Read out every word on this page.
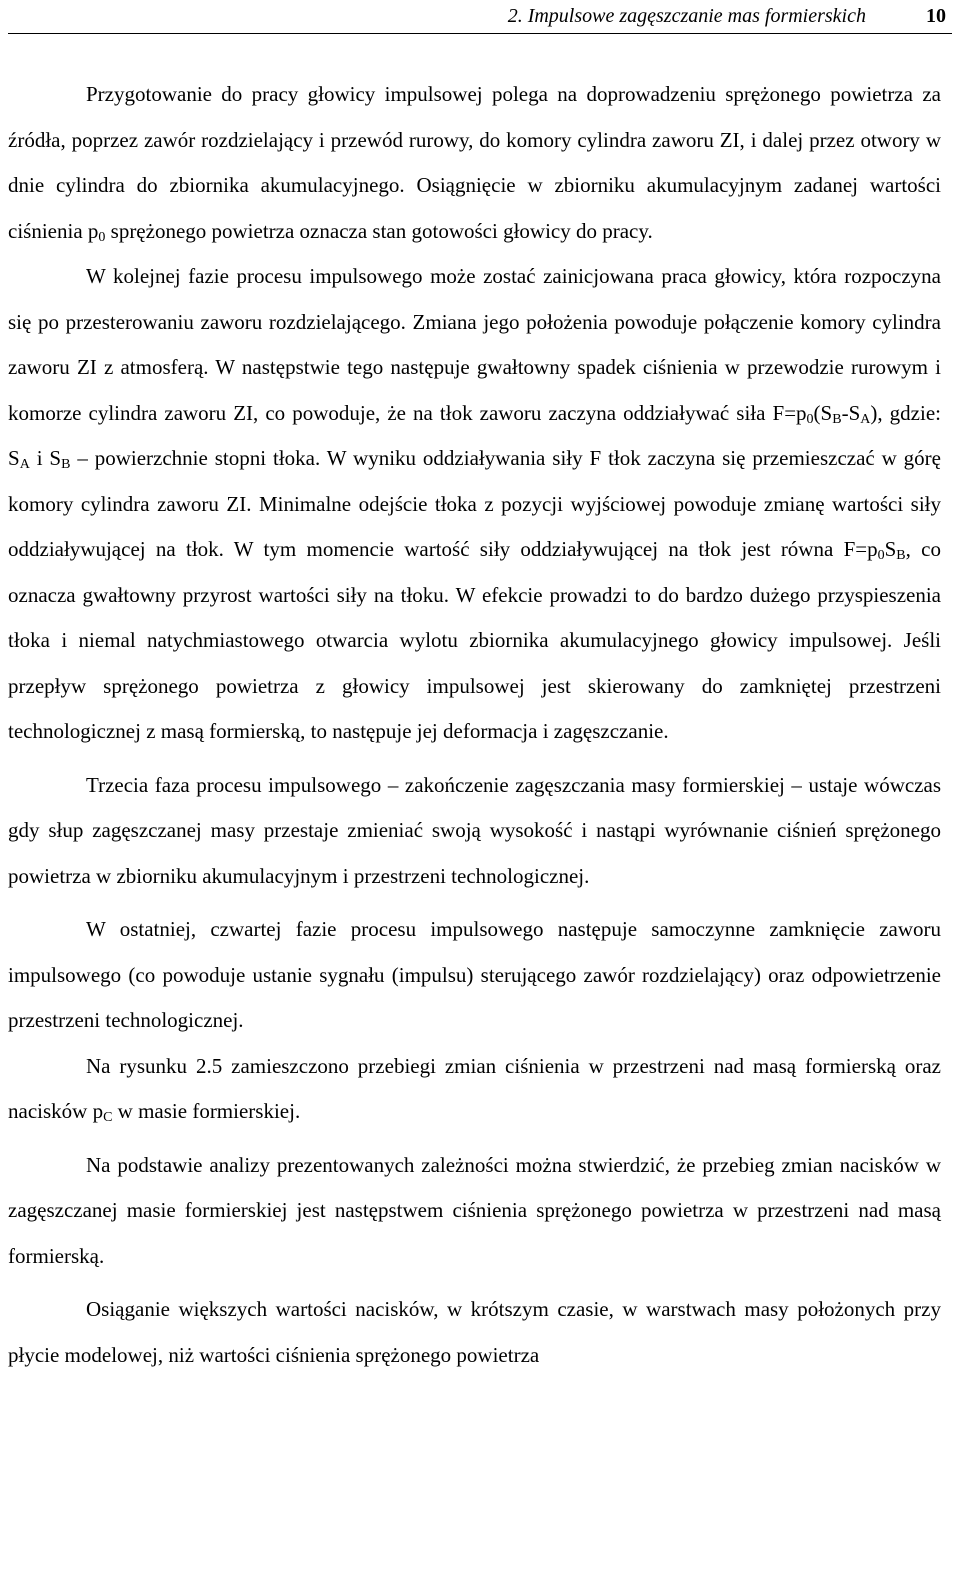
2. Impulsowe zagęszczanie mas formierskich	10

Przygotowanie do pracy głowicy impulsowej polega na doprowadzeniu sprężonego powietrza za źródła, poprzez zawór rozdzielający i przewód rurowy, do komory cylindra zaworu ZI, i dalej przez otwory w dnie cylindra do zbiornika akumulacyjnego. Osiągnięcie w zbiorniku akumulacyjnym zadanej wartości ciśnienia $p_0$ sprężonego powietrza oznacza stan gotowości głowicy do pracy.

W kolejnej fazie procesu impulsowego może zostać zainicjowana praca głowicy, która rozpoczyna się po przesterowaniu zaworu rozdzielającego. Zmiana jego położenia powoduje połączenie komory cylindra zaworu ZI z atmosferą. W następstwie tego następuje gwałtowny spadek ciśnienia w przewodzie rurowym i komorze cylindra zaworu ZI, co powoduje, że na tłok zaworu zaczyna oddziaływać siła $F=p_0(S_B-S_A)$, gdzie: $S_A$ i $S_B$ – powierzchnie stopni tłoka. W wyniku oddziaływania siły F tłok zaczyna się przemieszczać w górę komory cylindra zaworu ZI. Minimalne odejście tłoka z pozycji wyjściowej powoduje zmianę wartości siły oddziaływującej na tłok. W tym momencie wartość siły oddziaływującej na tłok jest równa $F=p_0S_B$, co oznacza gwałtowny przyrost wartości siły na tłoku. W efekcie prowadzi to do bardzo dużego przyspieszenia tłoka i niemal natychmiastowego otwarcia wylotu zbiornika akumulacyjnego głowicy impulsowej. Jeśli przepływ sprężonego powietrza z głowicy impulsowej jest skierowany do zamkniętej przestrzeni technologicznej z masą formierską, to następuje jej deformacja i zagęszczanie.

Trzecia faza procesu impulsowego – zakończenie zagęszczania masy formierskiej – ustaje wówczas gdy słup zagęszczanej masy przestaje zmieniać swoją wysokość i nastąpi wyrównanie ciśnień sprężonego powietrza w zbiorniku akumulacyjnym i przestrzeni technologicznej.

W ostatniej, czwartej fazie procesu impulsowego następuje samoczynne zamknięcie zaworu impulsowego (co powoduje ustanie sygnału (impulsu) sterującego zawór rozdzielający) oraz odpowietrzenie przestrzeni technologicznej.

Na rysunku 2.5 zamieszczono przebiegi zmian ciśnienia w przestrzeni nad masą formierską oraz nacisków $p_C$ w masie formierskiej.

Na podstawie analizy prezentowanych zależności można stwierdzić, że przebieg zmian nacisków w zagęszczanej masie formierskiej jest następstwem ciśnienia sprężonego powietrza w przestrzeni nad masą formierską.

Osiąganie większych wartości nacisków, w krótszym czasie, w warstwach masy położonych przy płycie modelowej, niż wartości ciśnienia sprężonego powietrza
